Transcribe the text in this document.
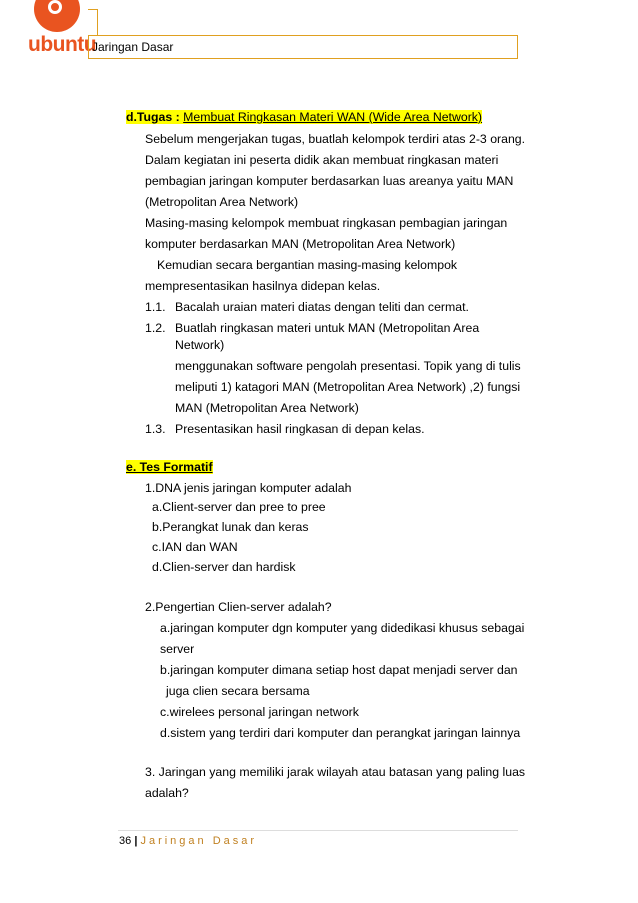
ubuntu
Jaringan Dasar
d.Tugas : Membuat Ringkasan Materi WAN (Wide Area Network)
Sebelum mengerjakan tugas, buatlah kelompok terdiri atas 2-3 orang.
Dalam kegiatan ini peserta didik akan membuat ringkasan materi
pembagian jaringan komputer berdasarkan luas areanya yaitu MAN
(Metropolitan Area Network)
Masing-masing kelompok membuat ringkasan pembagian jaringan
komputer berdasarkan MAN (Metropolitan Area Network)
Kemudian secara bergantian masing-masing kelompok
mempresentasikan hasilnya didepan kelas.
1.1. Bacalah uraian materi diatas dengan teliti dan cermat.
1.2. Buatlah ringkasan materi untuk MAN (Metropolitan Area
Network)
menggunakan software pengolah presentasi. Topik yang di tulis
meliputi 1) katagori MAN (Metropolitan Area Network) ,2) fungsi
MAN (Metropolitan Area Network)
1.3. Presentasikan hasil ringkasan di depan kelas.
e. Tes Formatif
1.DNA jenis jaringan komputer adalah
a.Client-server dan pree to pree
b.Perangkat lunak dan keras
c.IAN dan WAN
d.Clien-server dan hardisk
2.Pengertian Clien-server adalah?
a.jaringan komputer dgn komputer yang didedikasi khusus sebagai
server
b.jaringan komputer dimana setiap host dapat menjadi server dan
juga clien secara bersama
c.wirelees personal jaringan network
d.sistem yang terdiri dari komputer dan perangkat jaringan lainnya
3. Jaringan yang memiliki jarak wilayah atau batasan yang paling luas
adalah?
36 | Jaringan Dasar
